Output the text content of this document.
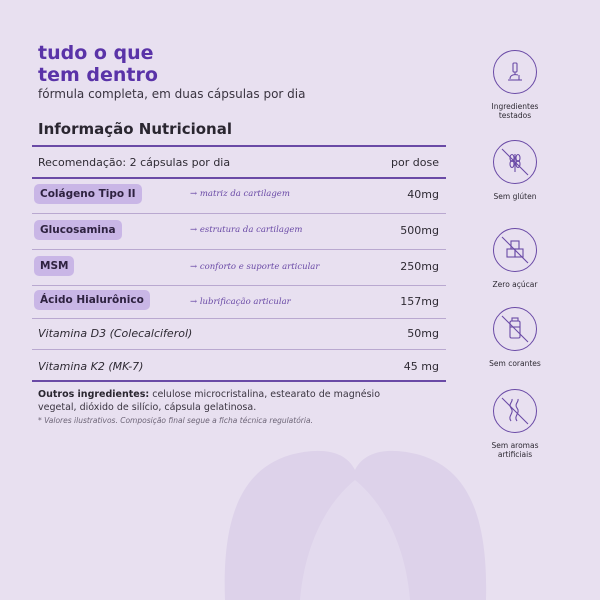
tudo o que
tem dentro
fórmula completa, em duas cápsulas por dia
Informação Nutricional
Recomendação: 2 cápsulas por dia	por dose
Colágeno Tipo II	→ matriz da cartilagem	40mg
Glucosamina	→ estrutura da cartilagem	500mg
MSM	→ conforto e suporte articular	250mg
Ácido Hialurônico	→ lubrificação articular	157mg
Vitamina D3 (Colecalciferol)	50mg
Vitamina K2 (MK-7)	45 mg
Outros ingredientes: celulose microcristalina, estearato de magnésio vegetal, dióxido de silício, cápsula gelatinosa.
* Valores ilustrativos. Composição final segue a ficha técnica regulatória.
Ingredientes testados
Sem glúten
Zero açúcar
Sem corantes
Sem aromas artificiais
